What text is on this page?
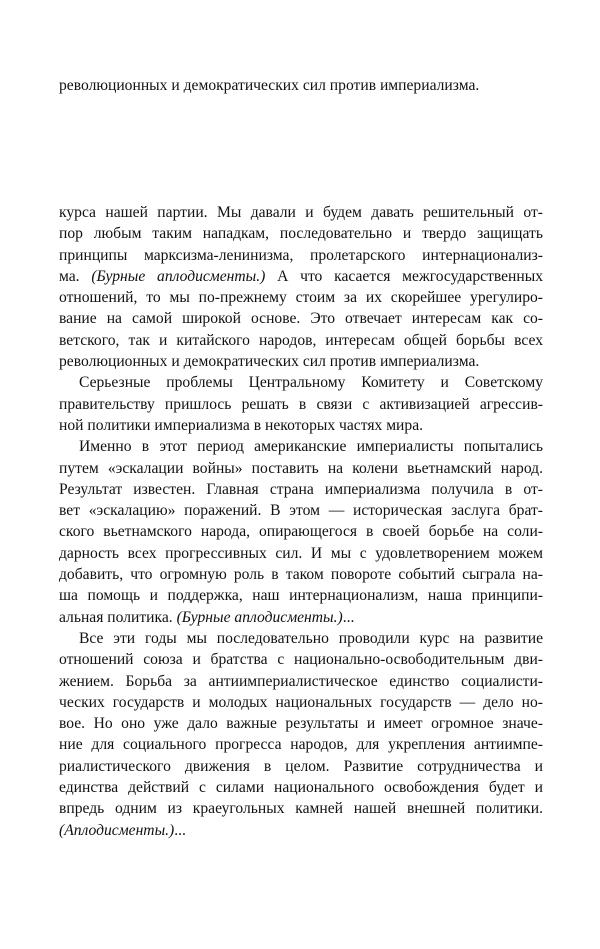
революционных и демократических сил против империализма.
курса нашей партии. Мы давали и будем давать решительный от-
пор любым таким нападкам, последовательно и твердо защищать
принципы марксизма-ленинизма, пролетарского интернационализ-
ма. (Бурные аплодисменты.) А что касается межгосударственных
отношений, то мы по-прежнему стоим за их скорейшее урегулиро-
вание на самой широкой основе. Это отвечает интересам как со-
ветского, так и китайского народов, интересам общей борьбы всех
революционных и демократических сил против империализма.
Серьезные проблемы Центральному Комитету и Советскому
правительству пришлось решать в связи с активизацией агрессив-
ной политики империализма в некоторых частях мира.
Именно в этот период американские империалисты попытались
путем «эскалации войны» поставить на колени вьетнамский народ.
Результат известен. Главная страна империализма получила в от-
вет «эскалацию» поражений. В этом — историческая заслуга брат-
ского вьетнамского народа, опирающегося в своей борьбе на соли-
дарность всех прогрессивных сил. И мы с удовлетворением можем
добавить, что огромную роль в таком повороте событий сыграла на-
ша помощь и поддержка, наш интернационализм, наша принципи-
альная политика. (Бурные аплодисменты.)...
Все эти годы мы последовательно проводили курс на развитие
отношений союза и братства с национально-освободительным дви-
жением. Борьба за антиимпериалистическое единство социалисти-
ческих государств и молодых национальных государств — дело но-
вое. Но оно уже дало важные результаты и имеет огромное значе-
ние для социального прогресса народов, для укрепления антиимпе-
риалистического движения в целом. Развитие сотрудничества и
единства действий с силами национального освобождения будет и
впредь одним из краеугольных камней нашей внешней политики.
(Аплодисменты.)...
